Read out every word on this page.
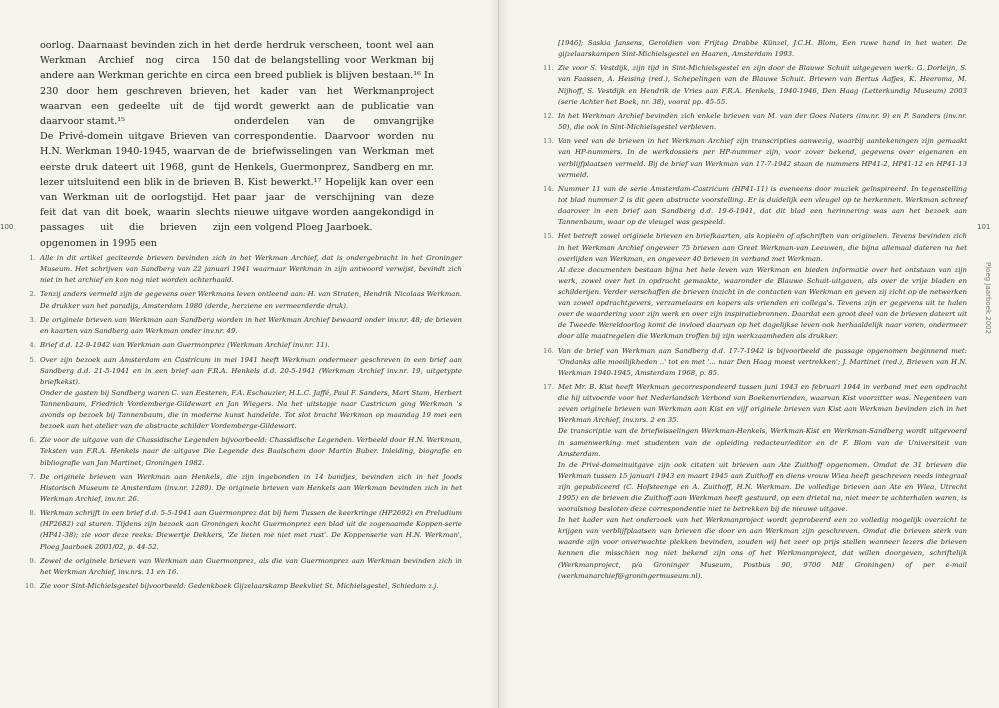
oorlog. Daarnaast bevinden zich in het Werkman Archief nog circa 150 andere aan Werkman gerichte en circa 230 door hem geschreven brieven, waarvan een gedeelte uit de tijd daarvoor stamt.¹⁵

De Privé-domein uitgave Brieven van H.N. Werkman 1940-1945, waarvan de eerste druk dateert uit 1968, gunt de lezer uitsluitend een blik in de brieven van Werkman uit de oorlogstijd. Het feit dat van dit boek, waarin slechts passages uit die brieven zijn opgenomen in 1995 een

derde herdruk verscheen, toont wel aan dat de belangstelling voor Werkman bij een breed publiek is blijven bestaan.¹⁶ In het kader van het Werkmanproject wordt gewerkt aan de publicatie van onderdelen van de omvangrijke correspondentie. Daarvoor worden nu de briefwisselingen van Werkman met Henkels, Guermonprez, Sandberg en mr. B. Kist bewerkt.¹⁷ Hopelijk kan over een paar jaar de verschijning van deze nieuwe uitgave worden aangekondigd in een volgend Ploeg Jaarboek.

100	101
1. Alle in dit artikel geciteerde brieven bevinden zich in het Werkman Archief, dat is ondergebracht in het Groninger Museum. Het schrijven van Sandberg van 22 januari 1941 waarnaar Werkman in zijn antwoord verwijst, bevindt zich niet in het archief en kon nog niet worden achterhaald.

2. Tenzij anders vermeld zijn de gegevens over Werkmans leven ontleend aan: H. van Straten, Hendrik Nicolaas Werkman. De drukker van het paradijs, Amsterdam 1980 (derde, herziene en vermeerderde druk).

3. De originele brieven van Werkman aan Sandberg worden in het Werkman Archief bewaard onder inv.nr. 48; de brieven en kaarten van Sandberg aan Werkman onder inv.nr. 49.

4. Brief d.d. 12-9-1942 van Werkman aan Guermonprez (Werkman Archief inv.nr. 11).

5. Over zijn bezoek aan Amsterdam en Castricum in mei 1941 heeft Werkman ondermeer geschreven in een brief aan Sandberg d.d. 21-5-1941 en in een brief aan F.R.A. Henkels d.d. 20-5-1941 (Werkman Archief inv.nr. 19, uitgetypte briefkekst).

Onder de gasten bij Sandberg waren C. van Eesteren, F.A. Eschauzier, H.L.C. Jaffé, Paul F. Sanders, Mart Stam, Herbert Tannenbaum, Friedrich Vordemberge-Gildewart en Jan Wiegers. Na het uitstapje naar Castricum ging Werkman 's avonds op bezoek bij Tannenbaum, die in moderne kunst handelde. Tot slot bracht Werkman op maandag 19 mei een bezoek aan het atelier van de abstracte schilder Vordemberge-Gildewart.

6. Zie voor de uitgave van de Chassidische Legenden bijvoorbeeld: Chassidische Legenden. Verbeeld door H.N. Werkman, Teksten van F.R.A. Henkels naar de uitgave Die Legende des Baalschem door Martin Buber. Inleiding, biografie en bibliografie van Jan Martinet, Groningen 1982.

7. De originele brieven van Werkman aan Henkels, die zijn ingebonden in 14 bandjes, bevinden zich in het Joods Historisch Museum te Amsterdam (inv.nr. 1289). De originele brieven van Henkels aan Werkman bevinden zich in het Werkman Archief, inv.nr. 26.

8. Werkman schrijft in een brief d.d. 5-5-1941 aan Guermonprez dat bij hem Tussen de keerkringe (HP2692) en Preludium (HP2682) zal sturen. Tijdens zijn bezoek aan Groningen kocht Guermonprez een blad uit de zogenaamde Koppen-serie (HP41-38); zie voor deze reeks: Diewertje Dekkers, 'Ze lieten me niet met rust'. De Koppenserie van H.N. Werkman', Ploeg Jaarboek 2001/02, p. 44-52.

9. Zowel de originele brieven van Werkman aan Guermonprez, als die van Guermonprez aan Werkman bevinden zich in het Werkman Archief, inv.nrs. 11 en 16.

10. Zie voor Sint-Michielsgestel bijvoorbeeld: Gedenkboek Gijzelaarskamp Beekvliet St. Michielsgestel, Schiedam z.j.

[1946]; Saskia Jansens, Geroldien von Frijtag Drabbe Künzel, J.C.H. Blom, Een ruwe hand in het water. De gijzelaarskampen Sint-Michielsgestel en Haaren, Amsterdam 1993.

11. Zie voor S. Vestdijk, zijn tijd in Sint-Michielsgestel en zijn door de Blauwe Schuit uitgegeven werk: G. Dorleijn, S. van Faassen, A. Heising (red.), Schepelingen van de Blauwe Schuit. Brieven van Bertus Aafjes, K. Heeroma, M. Nijhoff, S. Vestdijk en Hendrik de Vries aan F.R.A. Henkels, 1940-1946, Den Haag (Letterkundig Museum) 2003 (serie Achter het Boek, nr. 38), vooral pp. 45-55.

12. In het Werkman Archief bevinden zich enkele brieven van M. van der Goes Naters (inv.nr. 9) en P. Sanders (inv.nr. 50), die ook in Sint-Michielsgestel verbleven.

13. Van veel van de brieven in het Werkman Archief zijn transcripties aanwezig, waarbij aantekeningen zijn gemaakt van HP-nummers. In de werkdossiers per HP-nummer zijn, voor zover bekend, gegevens over eigenaren en verblijfplaatsen vermeld. Bij de brief van Werkman van 17-7-1942 staan de nummers HP41-2, HP41-12 en HP41-13 vermeld.

14. Nummer 11 van de serie Amsterdam-Castricum (HP41-11) is eveneens door muziek geïnspireerd. In tegenstelling tot blad nummer 2 is dit geen abstracte voorstelling. Er is duidelijk een vleugel op te herkennen. Werkman schreef daarover in een brief aan Sandberg d.d. 19-6-1941, dat dit blad een herinnering was aan het bezoek aan Tannenbaum, waar op de vleugel was gespeeld.

15. Het betreft zowel originele brieven en briefkaarten, als kopieën of afschriften van originelen. Tevens bevinden zich in het Werkman Archief ongeveer 75 brieven aan Greet Werkman-van Leeuwen, die bijna allemaal dateren na het overlijden van Werkman, en ongeveer 40 brieven in verband met Werkman.

Al deze documenten bestaan bijna het hele leven van Werkman en bieden informatie over het ontstaan van zijn werk, zowel over het in opdracht gemaakte, waaronder de Blauwe Schuit-uitgaven, als over de vrije bladen en schilderijen. Verder verschaffen de brieven inzicht in de contacten van Werkman en geven zij zicht op de netwerken van zowel opdrachtgevers, verzamelaars en kopers als vrienden en collega's. Tevens zijn er gegevens uit te halen over de waardering voor zijn werk en over zijn inspiratiebronnen. Daardat een groot deel van de brieven dateert uit de Tweede Wereldoorlog komt de invloed daarvan op het dagelijkse leven ook herhaaldelijk naar voren, ondermeer door alle maatregelen die Werkman troffen bij zijn werkzaamheden als drukker.

16. Van de brief van Werkman aan Sandberg d.d. 17-7-1942 is bijvoorbeeld de passage opgenomen beginnend met: 'Ondanks alle moeilijkheden ..' tot en met '... naar Den Haag moest vertrekken'; J. Martinet (red.), Brieven van H.N. Werkman 1940-1945, Amsterdam 1968, p. 85.

17. Met Mr. B. Kist heeft Werkman gecorrespondeerd tussen juni 1943 en februari 1944 in verband met een opdracht die hij uitvoerde voor het Nederlandsch Verbond van Boekenvrienden, waarvan Kist voorzitter was. Negenteen van zeven originele brieven van Werkman aan Kist en vijf originele brieven van Kist aan Werkman bevinden zich in het Werkman Archief, inv.nrs. 2 en 35.

De transcriptie van de briefwisselingen Werkman-Henkels, Werkman-Kist en Werkman-Sandberg wordt uitgevoerd in samenwerking met studenten van de opleiding redacteur/editor en dr F. Blom van de Universiteit van Amsterdam.

In de Privé-domeinuitgave zijn ook citaten uit brieven aan Ate Zuithoff opgenomen. Omdat de 31 brieven die Werkman tussen 15 januari 1943 en maart 1945 aan Zuithoff en diens vrouw Wiea heeft geschreven reeds integraal zijn gepubliceerd (C. Hofsteenge en A. Zuithoff, H.N. Werkman. De volledige brieven aan Ate en Wiea, Utrecht 1995) en de brieven die Zuithoff aan Werkman heeft gestuurd, op een drietal na, niet meer te achterhalen waren, is vooralsnog besloten deze correspondentie niet te betrekken bij de nieuwe uitgave.

In het kader van het onderzoek van het Werkmanproject wordt geprobeerd een zo volledig mogelijk overzicht te krijgen van verblijfplaatsen van brieven die door en aan Werkman zijn geschreven. Omdat die brieven sterk van waarde zijn voor onverwachte plekken bevinden, zouden wij het zeer op prijs stellen wanneer lezers die brieven kennen die misschien nog niet bekend zijn ons of het Werkmanproject, dat willen doorgeven, schriftelijk (Werkmanproject, p/a Groninger Museum, Postbus 90, 9700 ME Groningen) of per e-mail (werkmanarchief@groningermuseum.nl).

Ploeg Jaarboek 2002
